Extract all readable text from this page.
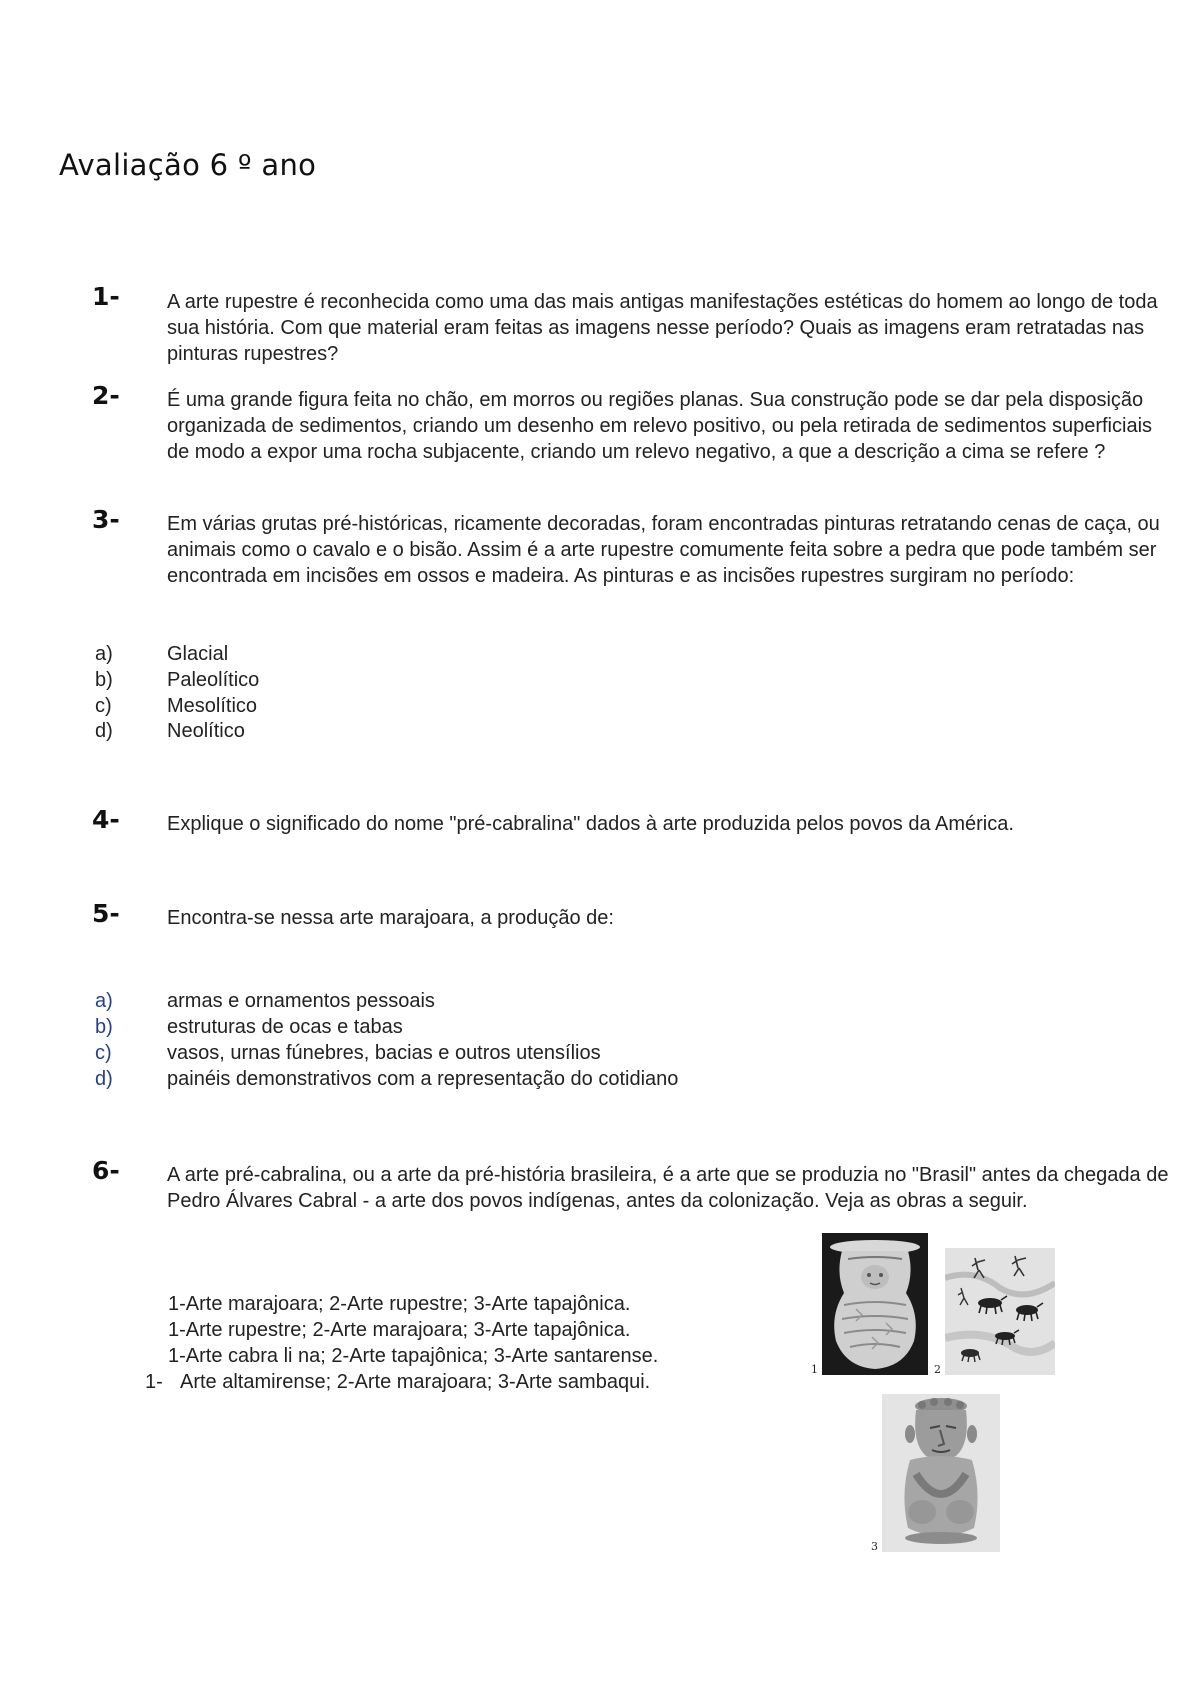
Avaliação 6 º ano
1- A arte rupestre é reconhecida como uma das mais antigas manifestações estéticas do homem ao longo de toda sua história. Com que material eram feitas as imagens nesse período? Quais as imagens eram retratadas nas pinturas rupestres?
2- É uma grande figura feita no chão, em morros ou regiões planas. Sua construção pode se dar pela disposição organizada de sedimentos, criando um desenho em relevo positivo, ou pela retirada de sedimentos superficiais de modo a expor uma rocha subjacente, criando um relevo negativo, a que a descrição a cima se refere ?
3- Em várias grutas pré-históricas, ricamente decoradas, foram encontradas pinturas retratando cenas de caça, ou animais como o cavalo e o bisão. Assim é a arte rupestre comumente feita sobre a pedra que pode também ser encontrada em incisões em ossos e madeira. As pinturas e as incisões rupestres surgiram no período:
a)	Glacial
b)	Paleolítico
c)	Mesolítico
d)	Neolítico
4- Explique o significado do nome "pré-cabralina" dados à arte produzida pelos povos da América.
5- Encontra-se nessa arte marajoara, a produção de:
a)	armas e ornamentos pessoais
b)	estruturas de ocas e tabas
c)	vasos, urnas fúnebres, bacias e outros utensílios
d)	painéis demonstrativos com a representação do cotidiano
6- A arte pré-cabralina, ou a arte da pré-história brasileira, é a arte que se produzia no "Brasil" antes da chegada de Pedro Álvares Cabral - a arte dos povos indígenas, antes da colonização. Veja as obras a seguir.
1-Arte marajoara; 2-Arte rupestre; 3-Arte tapajônica.
1-Arte rupestre; 2-Arte marajoara; 3-Arte tapajônica.
1-Arte cabra li na; 2-Arte tapajônica; 3-Arte santarense.
1- Arte altamirense; 2-Arte marajoara; 3-Arte sambaqui.
1	2
3
